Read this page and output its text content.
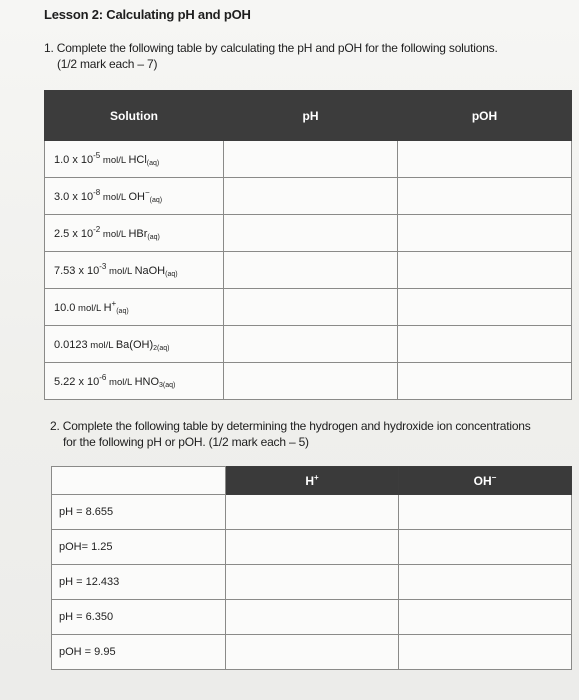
Lesson 2: Calculating pH and pOH
1. Complete the following table by calculating the pH and pOH for the following solutions.
(1/2 mark each – 7)
Solution	pH	pOH
1.0 x $10^{-5}$ mol/L HCl$_{(aq)}$		
3.0 x $10^{-8}$ mol/L $OH^-_{(aq)}$		
2.5 x $10^{-2}$ mol/L HBr$_{(aq)}$		
7.53 x $10^{-3}$ mol/L NaOH$_{(aq)}$		
10.0 mol/L $H^+_{(aq)}$		
0.0123 mol/L $Ba(OH)_{2(aq)}$		
5.22 x $10^{-6}$ mol/L $HNO_{3(aq)}$		
2. Complete the following table by determining the hydrogen and hydroxide ion concentrations
for the following pH or pOH. (1/2 mark each – 5)
	H+	OH−
pH = 8.655		
pOH= 1.25		
pH = 12.433		
pH = 6.350		
pOH = 9.95		
